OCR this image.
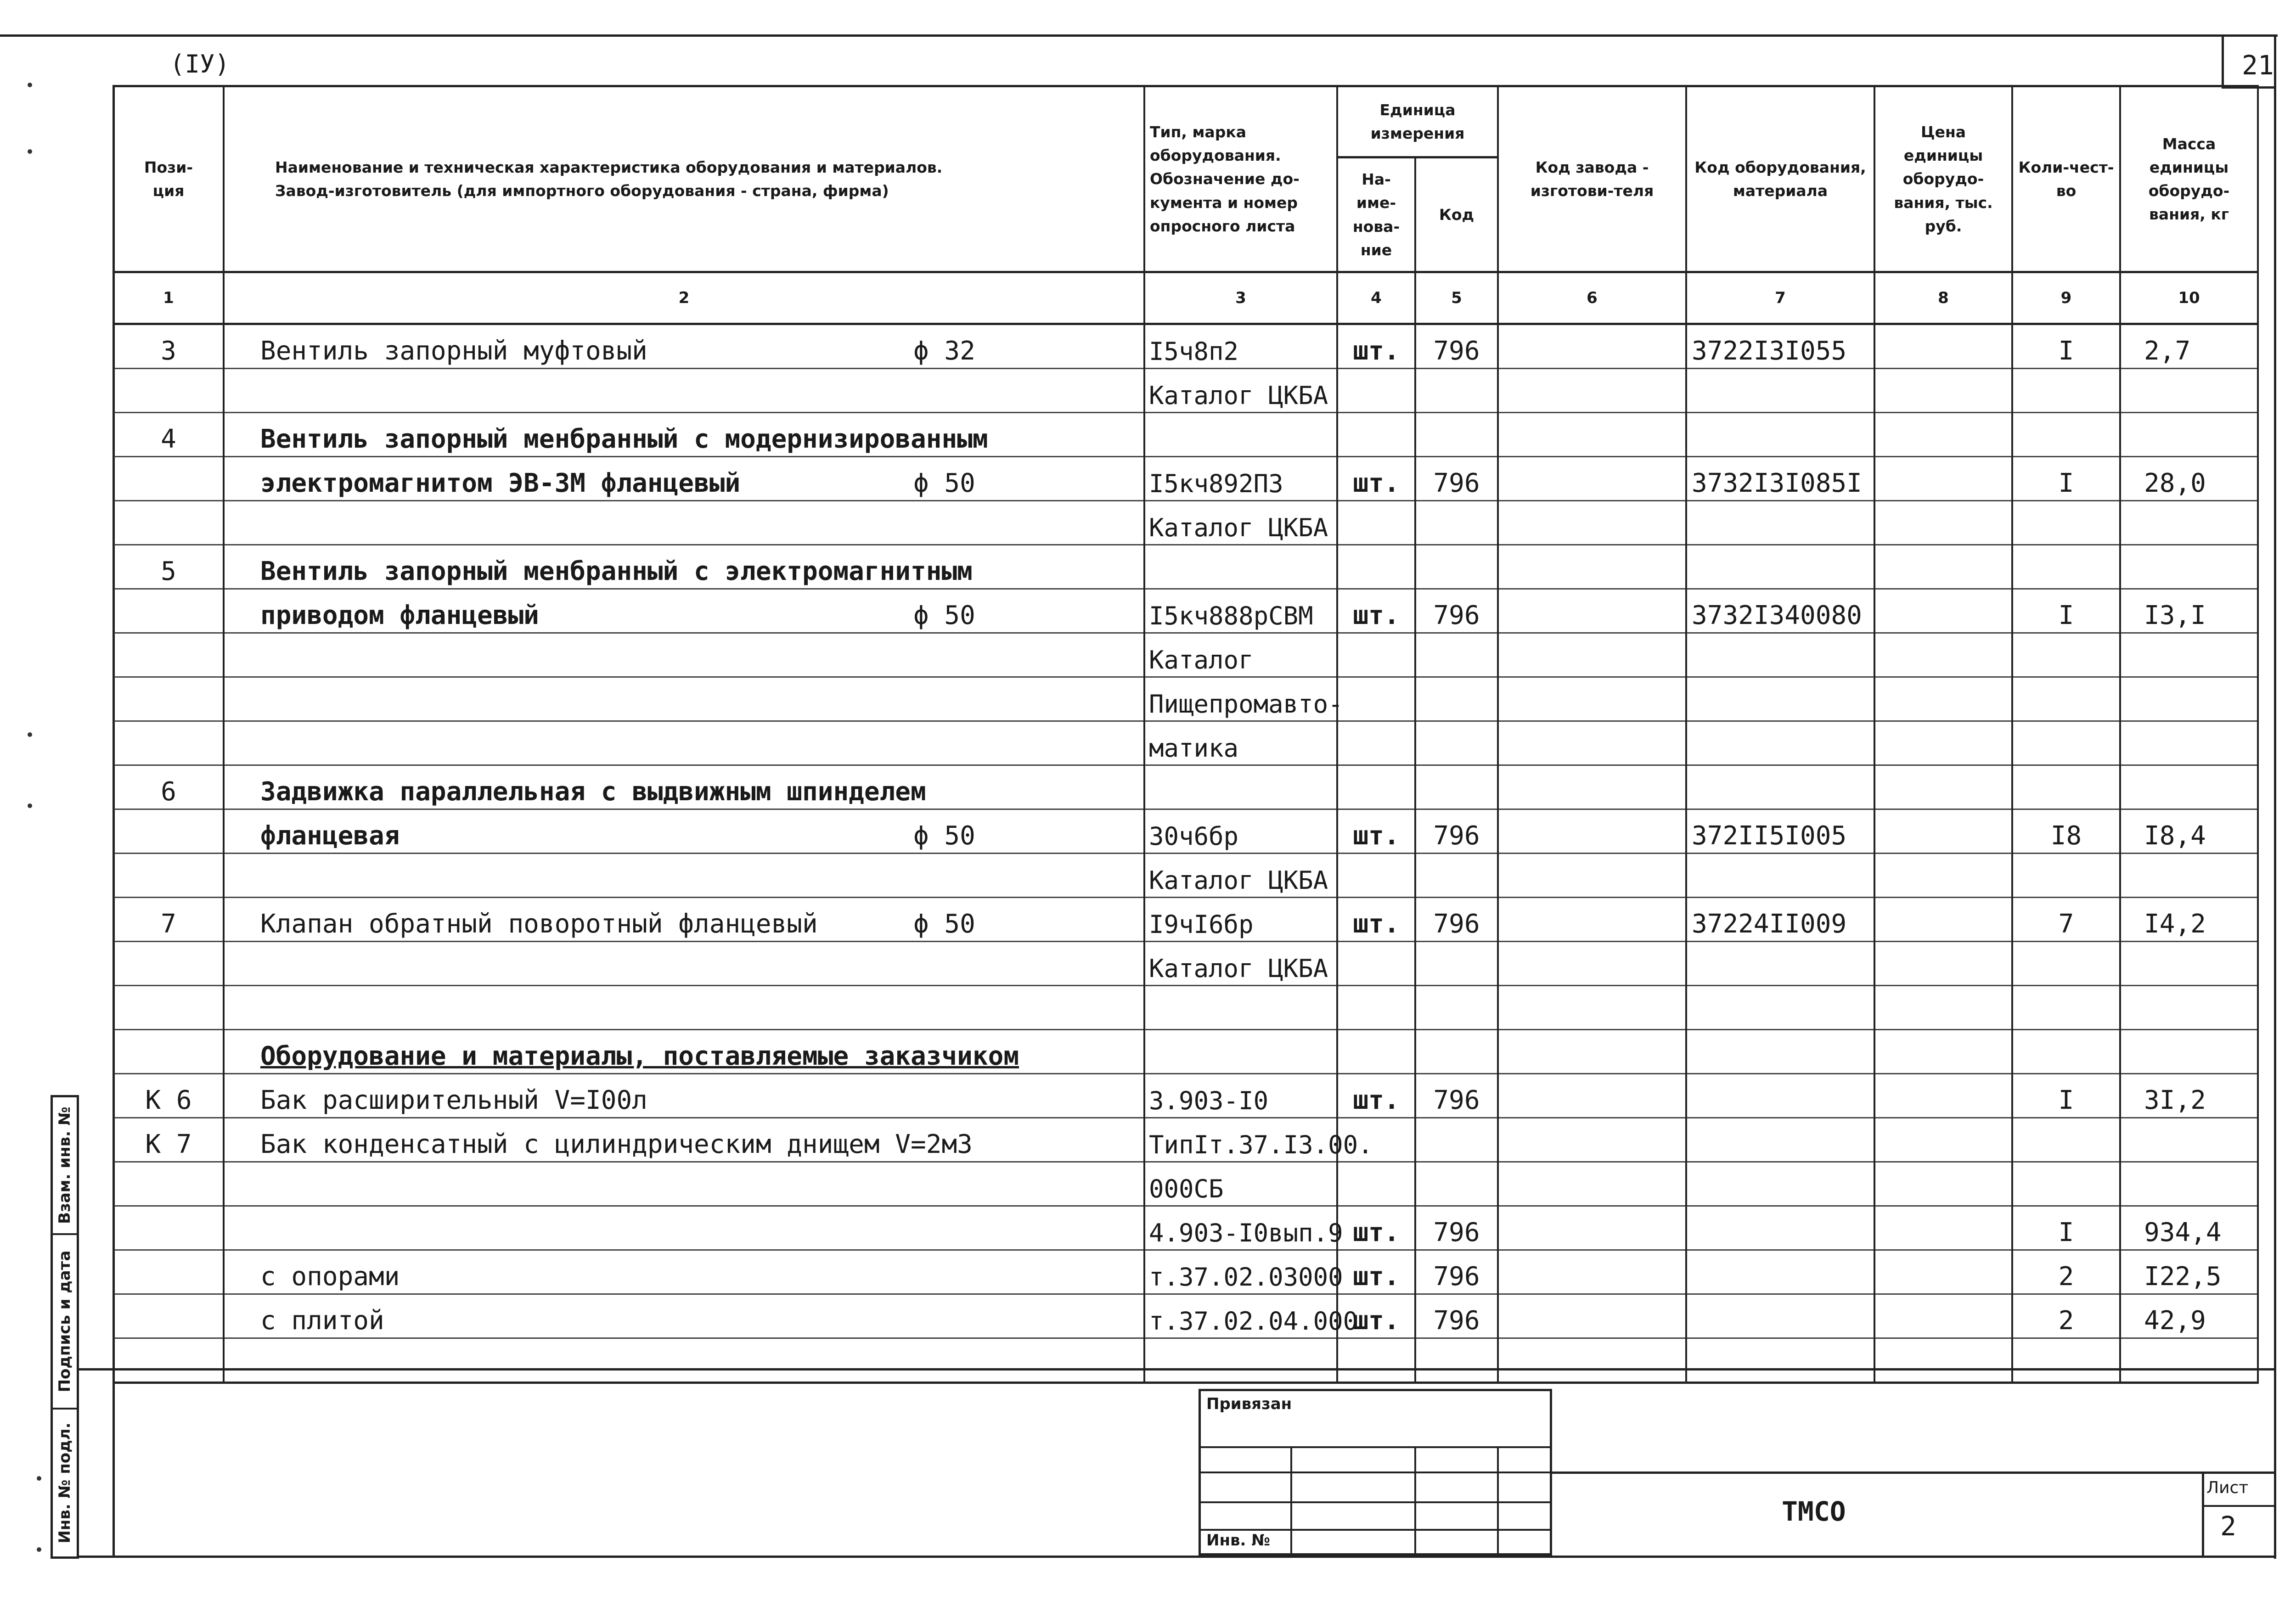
(IУ)	21
Пози-
ция	Наименование и техническая характеристика оборудования и материалов.
Завод-изготовитель (для импортного оборудования - страна, фирма)	Тип, марка оборудования. Обозначение до-кумента и номер опросного листа	Единица измерения		Код завода - изготови-теля	Код оборудования, материала	Цена единицы оборудо-вания, тыс. руб.	Коли-чест-во	Масса единицы оборудо-вания, кг
			На-име-нова-ние	Код					
1	2	3	4	5	6	7	8	9	10
3	Вентиль запорный муфтовый ϕ 32	I5ч8п2	шт.	796		3722I3I055		I	2,7
		Каталог ЦКБА							
4	Вентиль запорный менбранный с модернизированным								
	электромагнитом ЭВ-3М фланцевый ϕ 50	I5кч892П3	шт.	796		3732I3I085I		I	28,0
		Каталог ЦКБА							
5	Вентиль запорный менбранный с электромагнитным								
	приводом фланцевый ϕ 50	I5кч888рСВМ	шт.	796		3732I340080		I	I3,I
		Каталог							
		Пищепромавто-							
		матика							
6	Задвижка параллельная с выдвижным шпинделем								
	фланцевая ϕ 50	30ч6бр	шт.	796		372II5I005		I8	I8,4
		Каталог ЦКБА							
7	Клапан обратный поворотный фланцевый ϕ 50	I9чI6бр	шт.	796		37224II009		7	I4,2
		Каталог ЦКБА							

	Оборудование и материалы, поставляемые заказчиком								
К 6	Бак расширительный V=I00л	3.903-I0	шт.	796				I	3I,2
К 7	Бак конденсатный с цилиндрическим днищем V=2м3	ТипIт.37.I3.00.							
		000СБ							
		4.903-I0вып.9	шт.	796				I	934,4
	с опорами	т.37.02.03000	шт.	796				2	I22,5
	с плитой	т.37.02.04.000	шт.	796				2	42,9

Взам. инв. №
Подпись и дата
Инв. № подл.
Привязан
Инв. №
ТМСО
Лист
2
